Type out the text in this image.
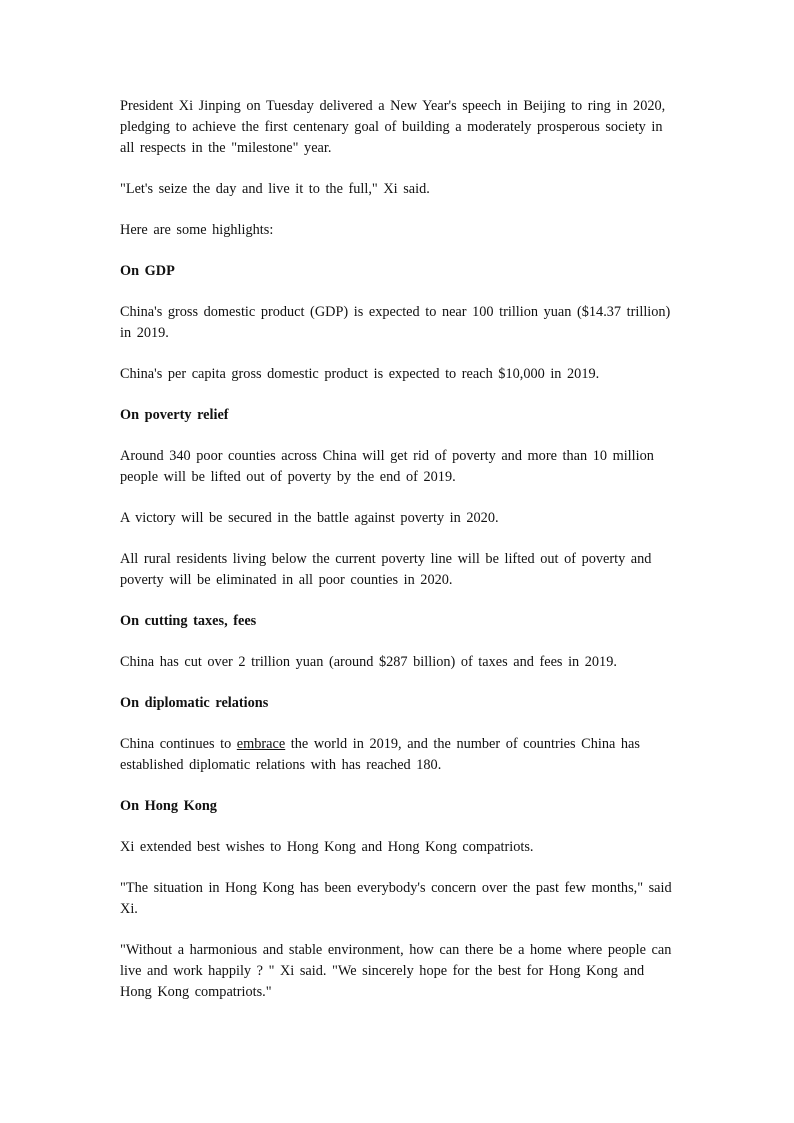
President Xi Jinping on Tuesday delivered a New Year's speech in Beijing to ring in 2020, pledging to achieve the first centenary goal of building a moderately prosperous society in all respects in the "milestone" year.

"Let's seize the day and live it to the full," Xi said.

Here are some highlights:

On GDP

China's gross domestic product (GDP) is expected to near 100 trillion yuan ($14.37 trillion) in 2019.

China's per capita gross domestic product is expected to reach $10,000 in 2019.

On poverty relief

Around 340 poor counties across China will get rid of poverty and more than 10 million people will be lifted out of poverty by the end of 2019.

A victory will be secured in the battle against poverty in 2020.

All rural residents living below the current poverty line will be lifted out of poverty and poverty will be eliminated in all poor counties in 2020.

On cutting taxes, fees

China has cut over 2 trillion yuan (around $287 billion) of taxes and fees in 2019.

On diplomatic relations

China continues to embrace the world in 2019, and the number of countries China has established diplomatic relations with has reached 180.

On Hong Kong

Xi extended best wishes to Hong Kong and Hong Kong compatriots.

"The situation in Hong Kong has been everybody's concern over the past few months," said Xi.

"Without a harmonious and stable environment, how can there be a home where people can live and work happily ? " Xi said. "We sincerely hope for the best for Hong Kong and Hong Kong compatriots."
